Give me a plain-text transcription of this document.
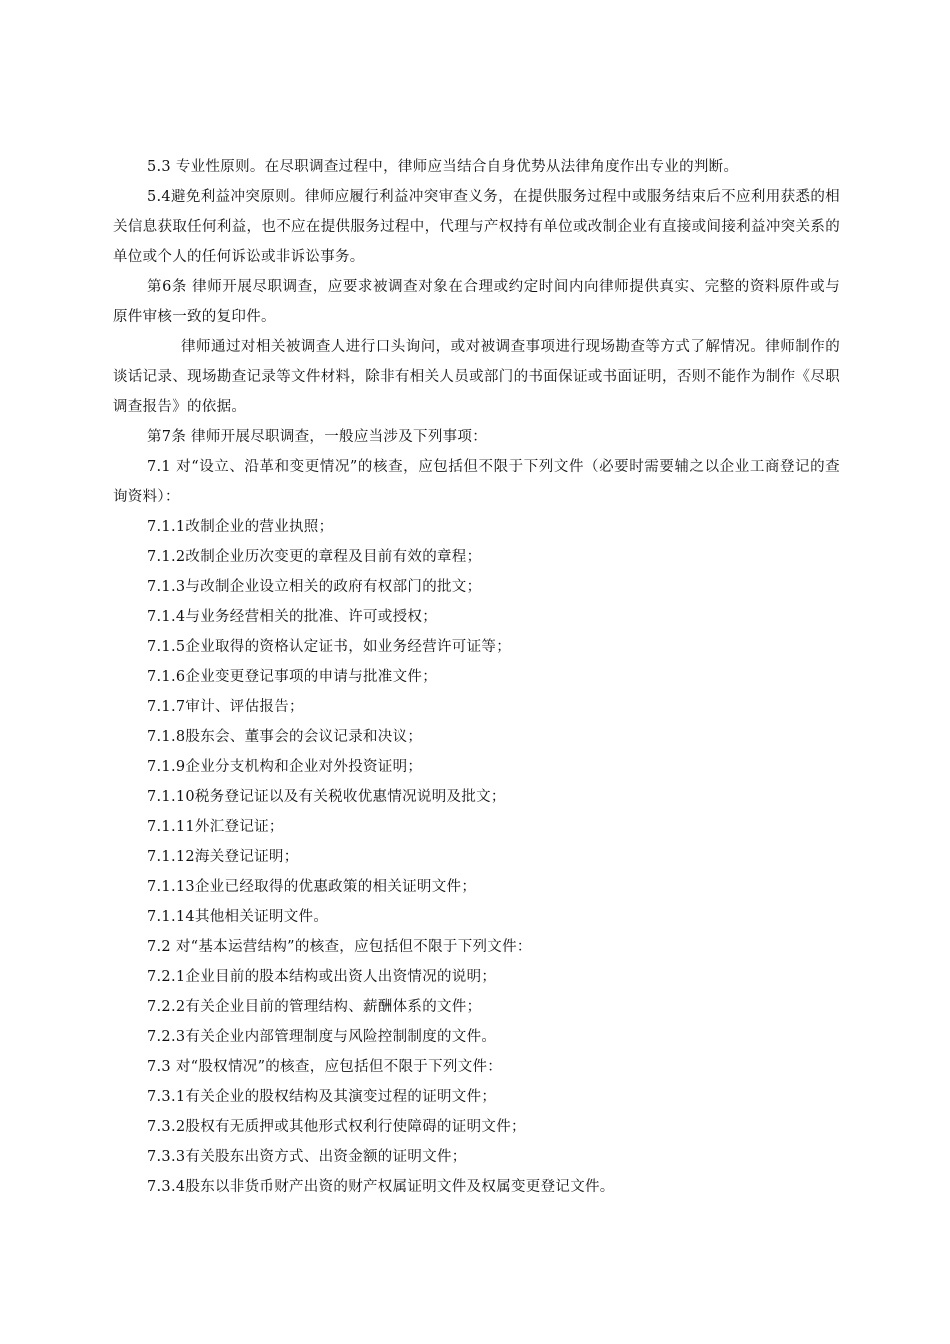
5.3 专业性原则。在尽职调查过程中，律师应当结合自身优势从法律角度作出专业的判断。

5.4避免利益冲突原则。律师应履行利益冲突审查义务，在提供服务过程中或服务结束后不应利用获悉的相关信息获取任何利益，也不应在提供服务过程中，代理与产权持有单位或改制企业有直接或间接利益冲突关系的单位或个人的任何诉讼或非诉讼事务。

第6条 律师开展尽职调查，应要求被调查对象在合理或约定时间内向律师提供真实、完整的资料原件或与原件审核一致的复印件。

律师通过对相关被调查人进行口头询问，或对被调查事项进行现场勘查等方式了解情况。律师制作的谈话记录、现场勘查记录等文件材料，除非有相关人员或部门的书面保证或书面证明，否则不能作为制作《尽职调查报告》的依据。

第7条 律师开展尽职调查，一般应当涉及下列事项：

7.1 对“设立、沿革和变更情况”的核查，应包括但不限于下列文件（必要时需要辅之以企业工商登记的查询资料）：

7.1.1改制企业的营业执照；

7.1.2改制企业历次变更的章程及目前有效的章程；

7.1.3与改制企业设立相关的政府有权部门的批文；

7.1.4与业务经营相关的批准、许可或授权；

7.1.5企业取得的资格认定证书，如业务经营许可证等；

7.1.6企业变更登记事项的申请与批准文件；

7.1.7审计、评估报告；

7.1.8股东会、董事会的会议记录和决议；

7.1.9企业分支机构和企业对外投资证明；

7.1.10税务登记证以及有关税收优惠情况说明及批文；

7.1.11外汇登记证；

7.1.12海关登记证明；

7.1.13企业已经取得的优惠政策的相关证明文件；

7.1.14其他相关证明文件。

7.2 对“基本运营结构”的核查，应包括但不限于下列文件：

7.2.1企业目前的股本结构或出资人出资情况的说明；

7.2.2有关企业目前的管理结构、薪酬体系的文件；

7.2.3有关企业内部管理制度与风险控制制度的文件。

7.3 对“股权情况”的核查，应包括但不限于下列文件：

7.3.1有关企业的股权结构及其演变过程的证明文件；

7.3.2股权有无质押或其他形式权利行使障碍的证明文件；

7.3.3有关股东出资方式、出资金额的证明文件；

7.3.4股东以非货币财产出资的财产权属证明文件及权属变更登记文件。
